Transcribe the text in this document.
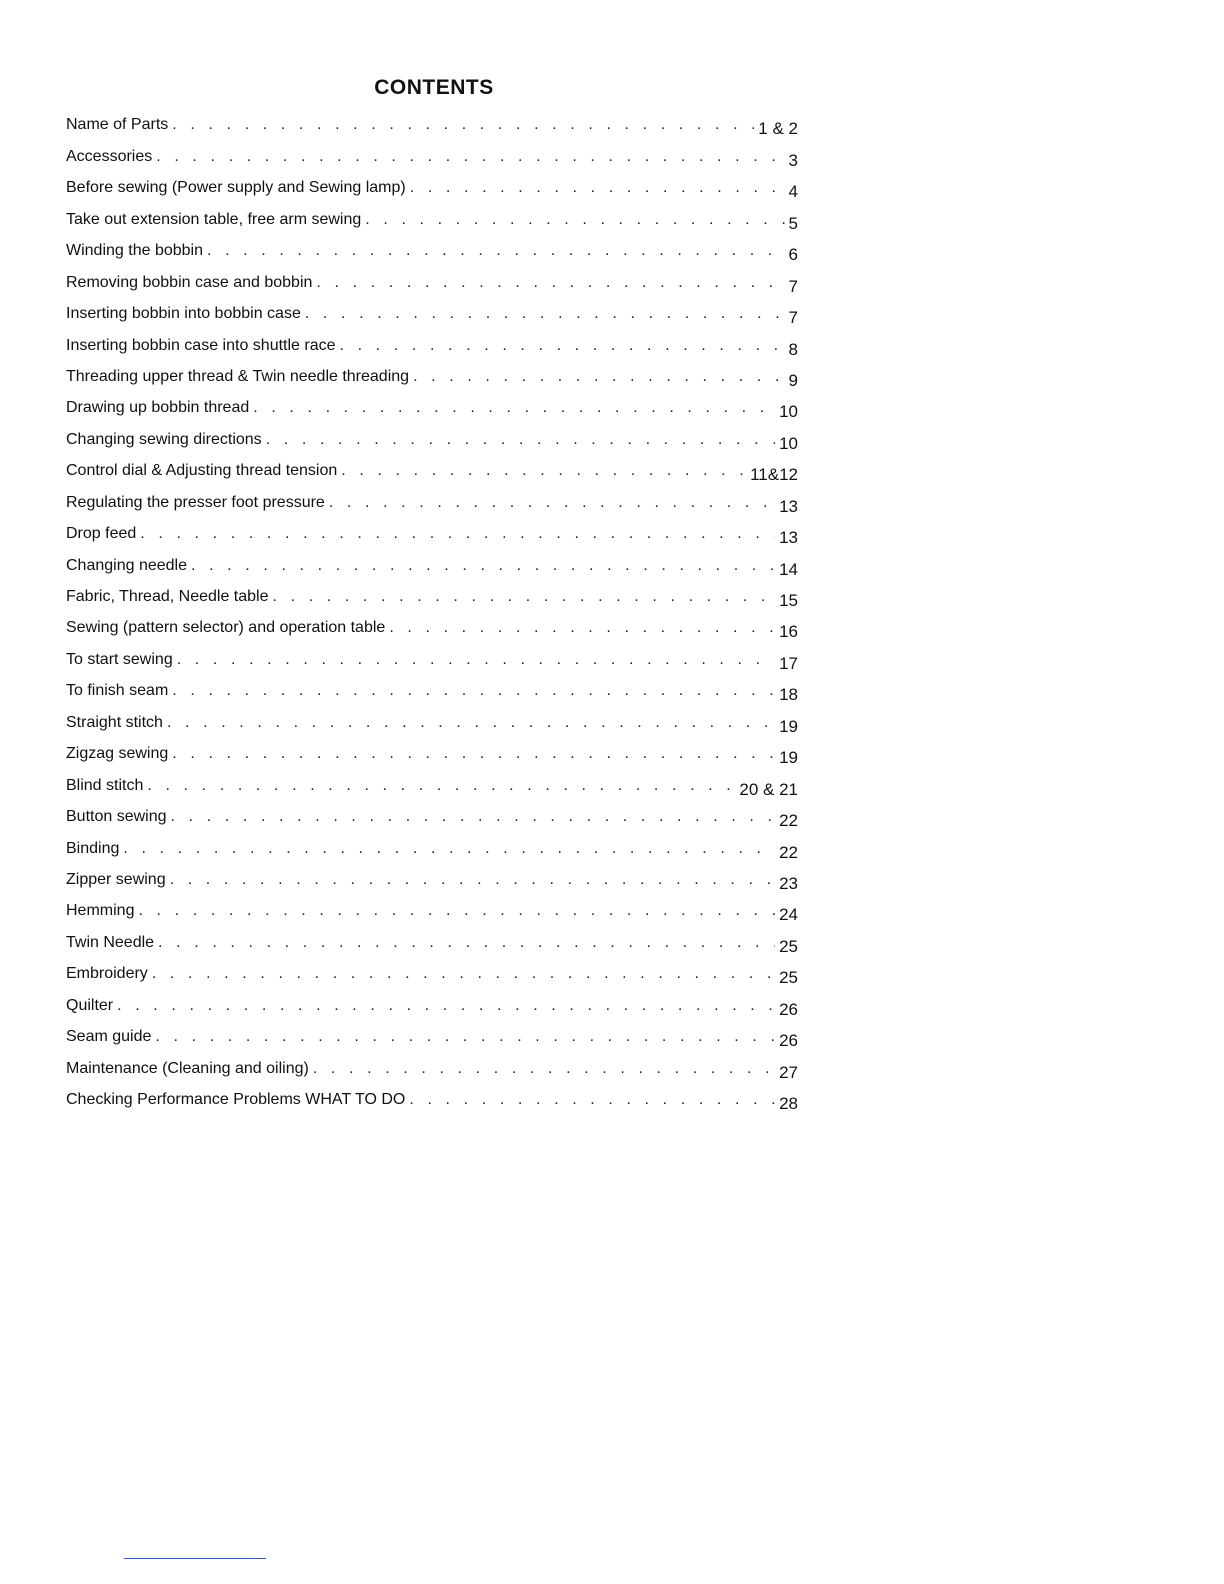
CONTENTS
Name of Parts . . .	1 & 2
Accessories . . .	3
Before sewing (Power supply and Sewing lamp) . . .	4
Take out extension table, free arm sewing . . .	5
Winding the bobbin . . .	6
Removing bobbin case and bobbin . . .	7
Inserting bobbin into bobbin case . . .	7
Inserting bobbin case into shuttle race . . .	8
Threading upper thread & Twin needle threading . . .	9
Drawing up bobbin thread . . .	10
Changing sewing directions . . .	10
Control dial & Adjusting thread tension . . .	11&12
Regulating the presser foot pressure . . .	13
Drop feed . . .	13
Changing needle . . .	14
Fabric, Thread, Needle table . . .	15
Sewing (pattern selector) and operation table . . .	16
To start sewing . . .	17
To finish seam . . .	18
Straight stitch . . .	19
Zigzag sewing . . .	19
Blind stitch . . .	20 & 21
Button sewing . . .	22
Binding . . .	22
Zipper sewing . . .	23
Hemming . . .	24
Twin Needle . . .	25
Embroidery . . .	25
Quilter . . .	26
Seam guide . . .	26
Maintenance (Cleaning and oiling) . . .	27
Checking Performance Problems WHAT TO DO . . .	28
